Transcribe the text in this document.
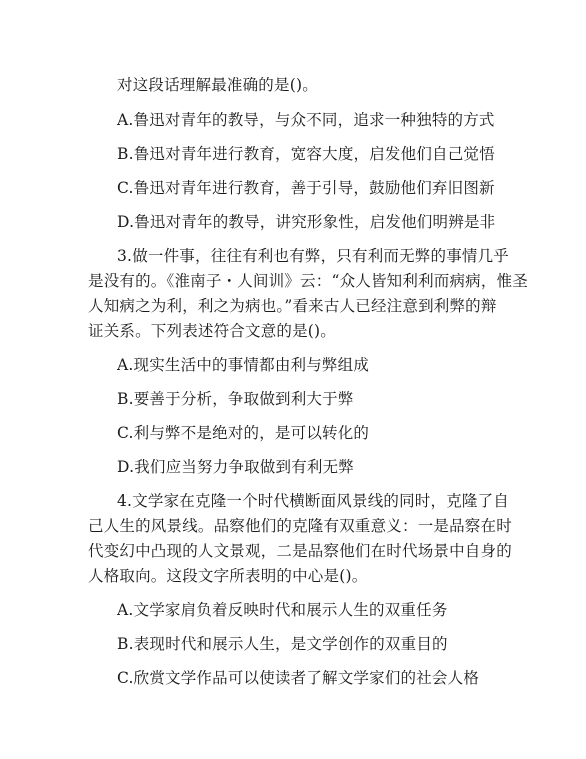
对这段话理解最准确的是()。
A.鲁迅对青年的教导，与众不同，追求一种独特的方式
B.鲁迅对青年进行教育，宽容大度，启发他们自己觉悟
C.鲁迅对青年进行教育，善于引导，鼓励他们弃旧图新
D.鲁迅对青年的教导，讲究形象性，启发他们明辨是非
3.做一件事，往往有利也有弊，只有利而无弊的事情几乎
是没有的。《淮南子・人间训》云：“众人皆知利利而病病，惟圣
人知病之为利，利之为病也。”看来古人已经注意到利弊的辩
证关系。下列表述符合文意的是()。
A.现实生活中的事情都由利与弊组成
B.要善于分析，争取做到利大于弊
C.利与弊不是绝对的，是可以转化的
D.我们应当努力争取做到有利无弊
4.文学家在克隆一个时代横断面风景线的同时，克隆了自
己人生的风景线。品察他们的克隆有双重意义：一是品察在时
代变幻中凸现的人文景观，二是品察他们在时代场景中自身的
人格取向。这段文字所表明的中心是()。
A.文学家肩负着反映时代和展示人生的双重任务
B.表现时代和展示人生，是文学创作的双重目的
C.欣赏文学作品可以使读者了解文学家们的社会人格
